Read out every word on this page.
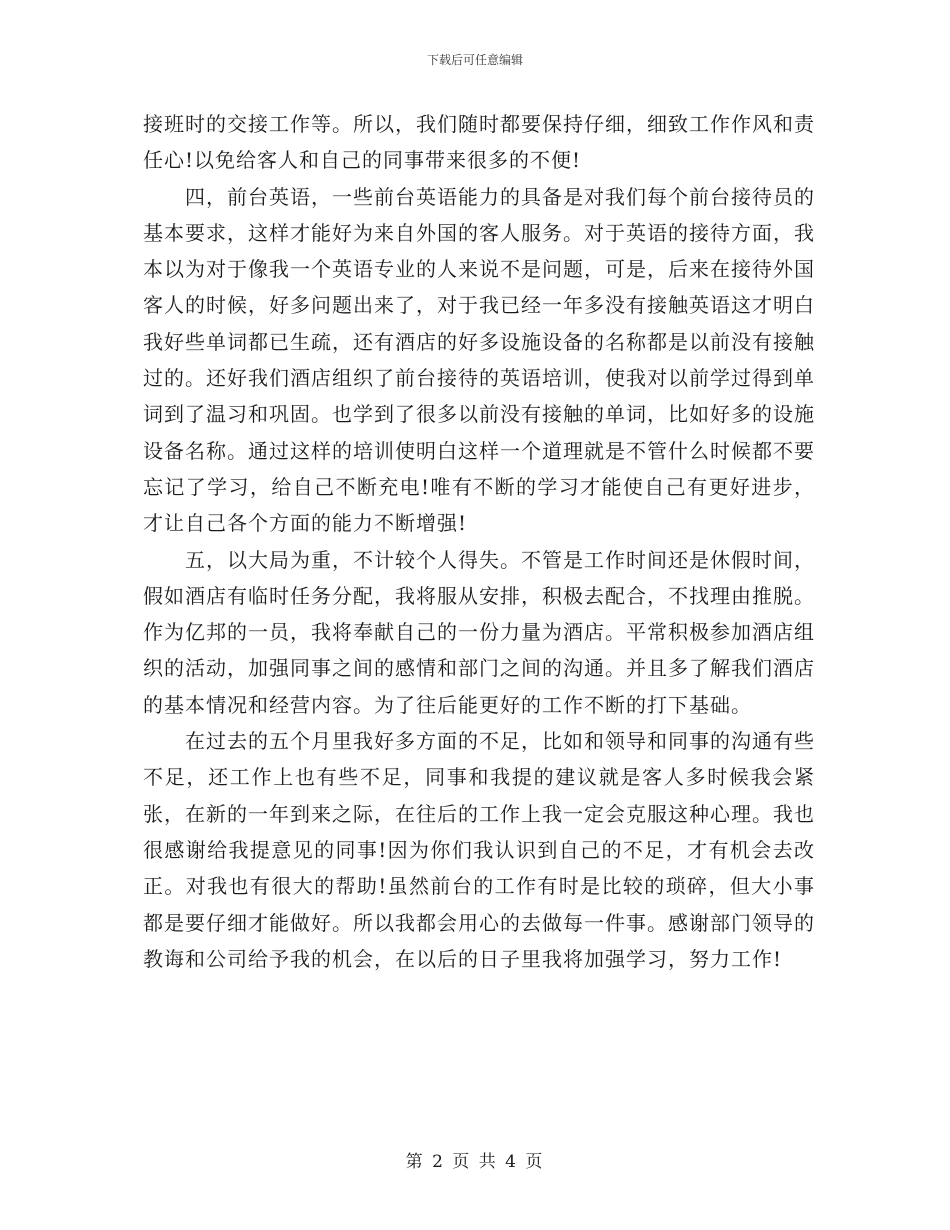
下载后可任意编辑

接班时的交接工作等。所以，我们随时都要保持仔细，细致工作作风和责任心!以免给客人和自己的同事带来很多的不便!

四，前台英语，一些前台英语能力的具备是对我们每个前台接待员的基本要求，这样才能好为来自外国的客人服务。对于英语的接待方面，我本以为对于像我一个英语专业的人来说不是问题，可是，后来在接待外国客人的时候，好多问题出来了，对于我已经一年多没有接触英语这才明白我好些单词都已生疏，还有酒店的好多设施设备的名称都是以前没有接触过的。还好我们酒店组织了前台接待的英语培训，使我对以前学过得到单词到了温习和巩固。也学到了很多以前没有接触的单词，比如好多的设施设备名称。通过这样的培训使明白这样一个道理就是不管什么时候都不要忘记了学习，给自己不断充电!唯有不断的学习才能使自己有更好进步，才让自己各个方面的能力不断增强!

五，以大局为重，不计较个人得失。不管是工作时间还是休假时间，假如酒店有临时任务分配，我将服从安排，积极去配合，不找理由推脱。作为亿邦的一员，我将奉献自己的一份力量为酒店。平常积极参加酒店组织的活动，加强同事之间的感情和部门之间的沟通。并且多了解我们酒店的基本情况和经营内容。为了往后能更好的工作不断的打下基础。

在过去的五个月里我好多方面的不足，比如和领导和同事的沟通有些不足，还工作上也有些不足，同事和我提的建议就是客人多时候我会紧张，在新的一年到来之际，在往后的工作上我一定会克服这种心理。我也很感谢给我提意见的同事!因为你们我认识到自己的不足，才有机会去改正。对我也有很大的帮助!虽然前台的工作有时是比较的琐碎，但大小事都是要仔细才能做好。所以我都会用心的去做每一件事。感谢部门领导的教诲和公司给予我的机会，在以后的日子里我将加强学习，努力工作!

第 2 页 共 4 页
